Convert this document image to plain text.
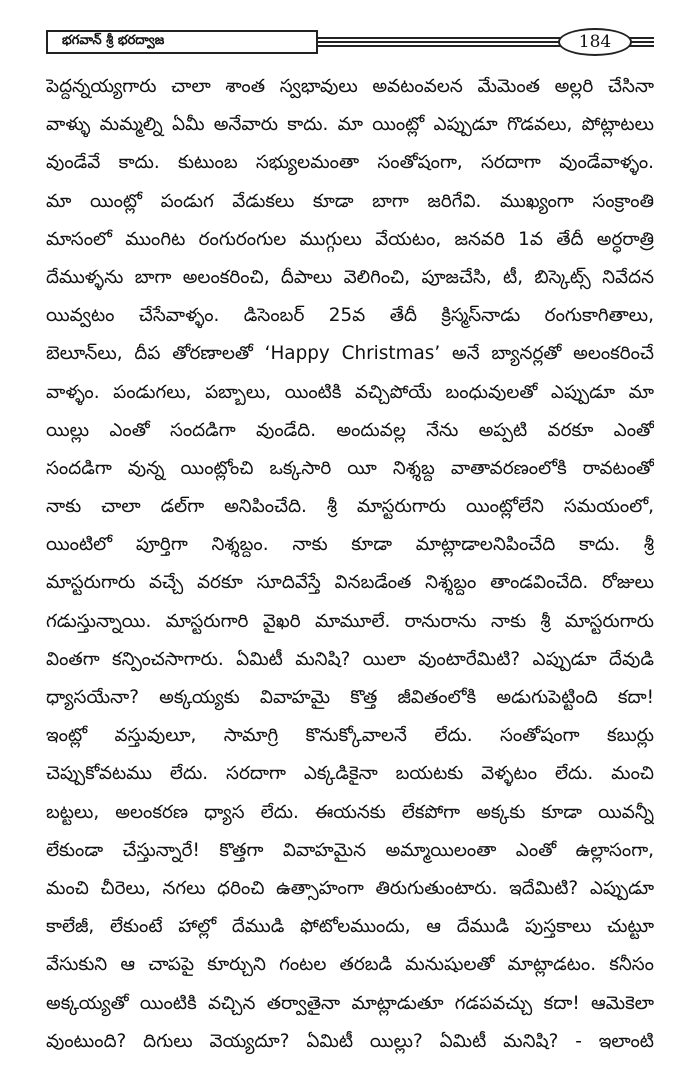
భగవాన్ శ్రీ భరద్వాజ	184
పెద్దన్నయ్యగారు చాలా శాంత స్వభావులు అవటంవలన మేమెంత అల్లరి చేసినా
వాళ్ళు మమ్మల్ని ఏమీ అనేవారు కాదు. మా యింట్లో ఎప్పుడూ గొడవలు, పోట్లాటలు
వుండేవే కాదు. కుటుంబ సభ్యులమంతా సంతోషంగా, సరదాగా వుండేవాళ్ళం.
మా యింట్లో పండుగ వేడుకలు కూడా బాగా జరిగేవి. ముఖ్యంగా సంక్రాంతి
మాసంలో ముంగిట రంగురంగుల ముగ్గులు వేయటం, జనవరి 1వ తేదీ అర్ధరాత్రి
దేముళ్ళను బాగా అలంకరించి, దీపాలు వెలిగించి, పూజచేసి, టీ, బిస్కెట్స్ నివేదన
యివ్వటం చేసేవాళ్ళం. డిసెంబర్ 25వ తేదీ క్రిస్మస్‌నాడు రంగుకాగితాలు,
బెలూన్‌లు, దీప తోరణాలతో ‘Happy Christmas’ అనే బ్యానర్లతో అలంకరించే
వాళ్ళం. పండుగలు, పబ్బాలు, యింటికి వచ్చిపోయే బంధువులతో ఎప్పుడూ మా
యిల్లు ఎంతో సందడిగా వుండేది. అందువల్ల నేను అప్పటి వరకూ ఎంతో
సందడిగా వున్న యింట్లోంచి ఒక్కసారి యీ నిశ్శబ్ద వాతావరణంలోకి రావటంతో
నాకు చాలా డల్‌గా అనిపించేది. శ్రీ మాస్టరుగారు యింట్లోలేని సమయంలో,
యింటిలో పూర్తిగా నిశ్శబ్దం. నాకు కూడా మాట్లాడాలనిపించేది కాదు. శ్రీ
మాస్టరుగారు వచ్చే వరకూ సూదివేస్తే వినబడేంత నిశ్శబ్దం తాండవించేది. రోజులు
గడుస్తున్నాయి. మాస్టరుగారి వైఖరి మామూలే. రానురాను నాకు శ్రీ మాస్టరుగారు
వింతగా కన్పించసాగారు. ఏమిటీ మనిషి? యిలా వుంటారేమిటి? ఎప్పుడూ దేవుడి
ధ్యాసయేనా? అక్కయ్యకు వివాహమై కొత్త జీవితంలోకి అడుగుపెట్టింది కదా!
ఇంట్లో వస్తువులూ, సామాగ్రి కొనుక్కోవాలనే లేదు. సంతోషంగా కబుర్లు
చెప్పుకోవటము లేదు. సరదాగా ఎక్కడికైనా బయటకు వెళ్ళటం లేదు. మంచి
బట్టలు, అలంకరణ ధ్యాస లేదు. ఈయనకు లేకపోగా అక్కకు కూడా యివన్నీ
లేకుండా చేస్తున్నారే! కొత్తగా వివాహమైన అమ్మాయిలంతా ఎంతో ఉల్లాసంగా,
మంచి చీరెలు, నగలు ధరించి ఉత్సాహంగా తిరుగుతుంటారు. ఇదేమిటి? ఎప్పుడూ
కాలేజీ, లేకుంటే హాల్లో దేముడి ఫోటోలముందు, ఆ దేముడి పుస్తకాలు చుట్టూ
వేసుకుని ఆ చాపపై కూర్చుని గంటల తరబడి మనుషులతో మాట్లాడటం. కనీసం
అక్కయ్యతో యింటికి వచ్చిన తర్వాతైనా మాట్లాడుతూ గడపవచ్చు కదా! ఆమెకెలా
వుంటుంది? దిగులు వెయ్యదూ? ఏమిటీ యిల్లు? ఏమిటీ మనిషి? - ఇలాంటి
